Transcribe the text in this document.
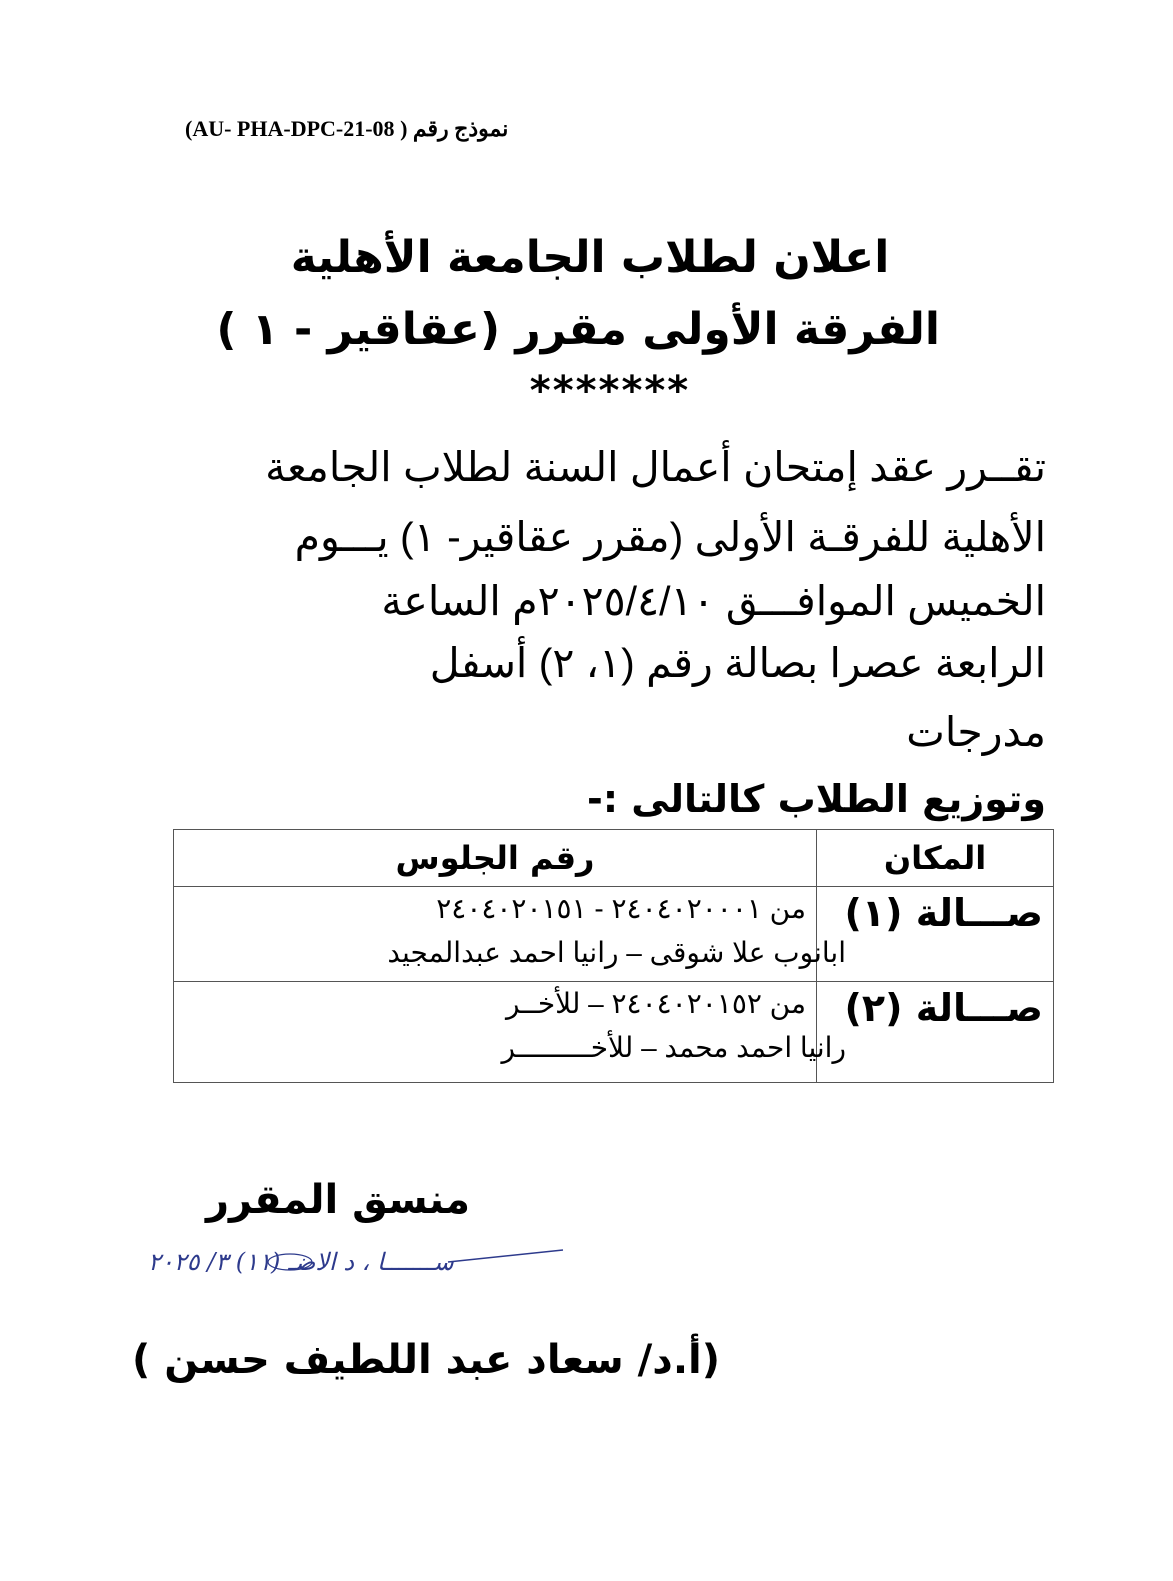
نموذج رقم ( AU- PHA-DPC-21-08)
اعلان لطلاب الجامعة الأهلية
الفرقة الأولى مقرر (عقاقير - ١ )
*******
تقــرر عقد إمتحان أعمال السنة لطلاب الجامعة
الأهلية للفرقـة الأولى (مقرر عقاقير- ١) يـــوم
الخميس الموافـــق ٢٠٢٥/٤/١٠م الساعة
الرابعة عصرا بصالة رقم (١، ٢) أسفل
مدرجات
وتوزيع الطلاب كالتالى :-
المكان	رقم الجلوس
صـــالة (١)	من ٢٤٠٤٠٢٠٠٠١ - ٢٤٠٤٠٢٠١٥١
ابانوب علا شوقى – رانيا احمد عبدالمجيد

صـــالة (٢)	من ٢٤٠٤٠٢٠١٥٢ – للأخــر
رانيا احمد محمد – للأخـــــــــر
منسق المقرر
ســـــــا ، د الاضـ (١١) ٣/ ٢٠٢٥
(أ.د/ سعاد عبد اللطيف حسن )
